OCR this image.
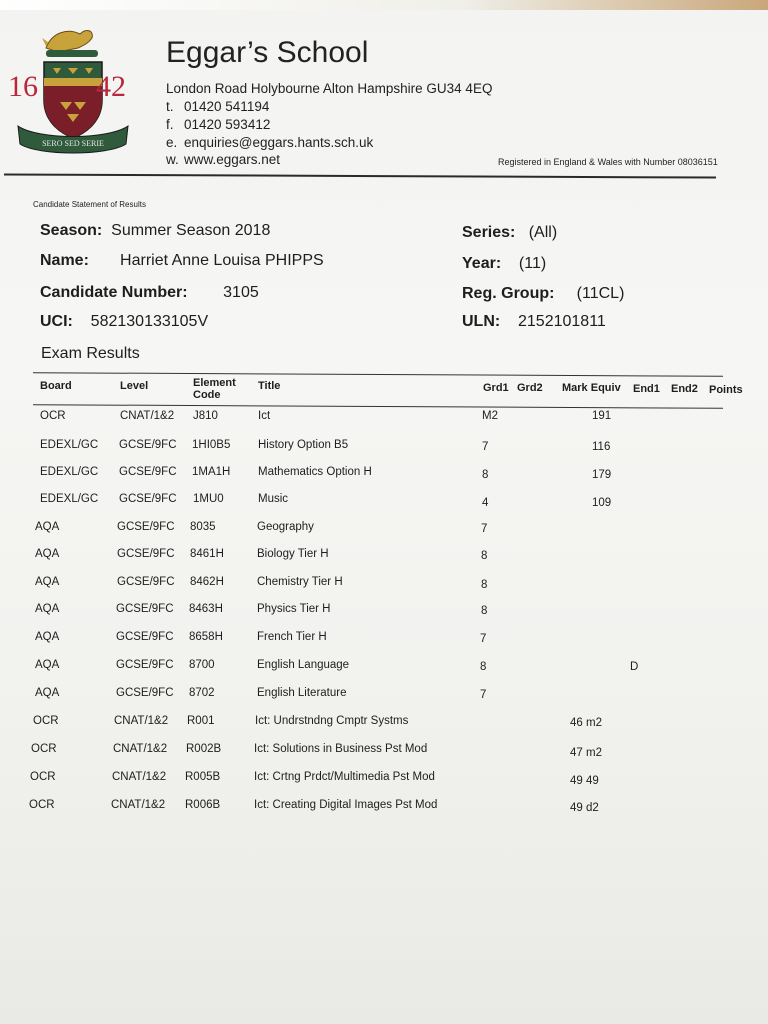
SERO SED SERIE
16 42
Eggar’s School
London Road Holybourne Alton Hampshire GU34 4EQ
t. 01420 541194
f. 01420 593412
e. enquiries@eggars.hants.sch.uk
w. www.eggars.net	Registered in England & Wales with Number 08036151
Candidate Statement of Results
Season: Summer Season 2018
Name: Harriet Anne Louisa PHIPPS
Candidate Number: 3105
UCI: 582130133105V
Series: (All)
Year: (11)
Reg. Group: (11CL)
ULN: 2152101811
Exam Results
Board	Level	Element
Code
Title	Grd1 Grd2 Mark Equiv End1 End2 Points
OCR	CNAT/1&2 J810	Ict	M2	191
EDEXL/GC GCSE/9FC 1HI0B5 History Option B5	7	116
EDEXL/GC GCSE/9FC 1MA1H Mathematics Option H	8	179
EDEXL/GC GCSE/9FC 1MU0	Music	4	109
AQA	GCSE/9FC 8035	Geography	7
AQA	GCSE/9FC 8461H	Biology Tier H	8
AQA	GCSE/9FC 8462H	Chemistry Tier H	8
AQA	GCSE/9FC 8463H	Physics Tier H	8
AQA	GCSE/9FC 8658H	French Tier H	7
AQA	GCSE/9FC 8700	English Language	8	D
AQA	GCSE/9FC 8702	English Literature	7
OCR	CNAT/1&2 R001	Ict: Undrstndng Cmptr Systms	46 m2
OCR	CNAT/1&2 R002B	Ict: Solutions in Business Pst Mod	47 m2
OCR	CNAT/1&2 R005B	Ict: Crtng Prdct/Multimedia Pst Mod	49 49
OCR	CNAT/1&2 R006B	Ict: Creating Digital Images Pst Mod	49 d2
